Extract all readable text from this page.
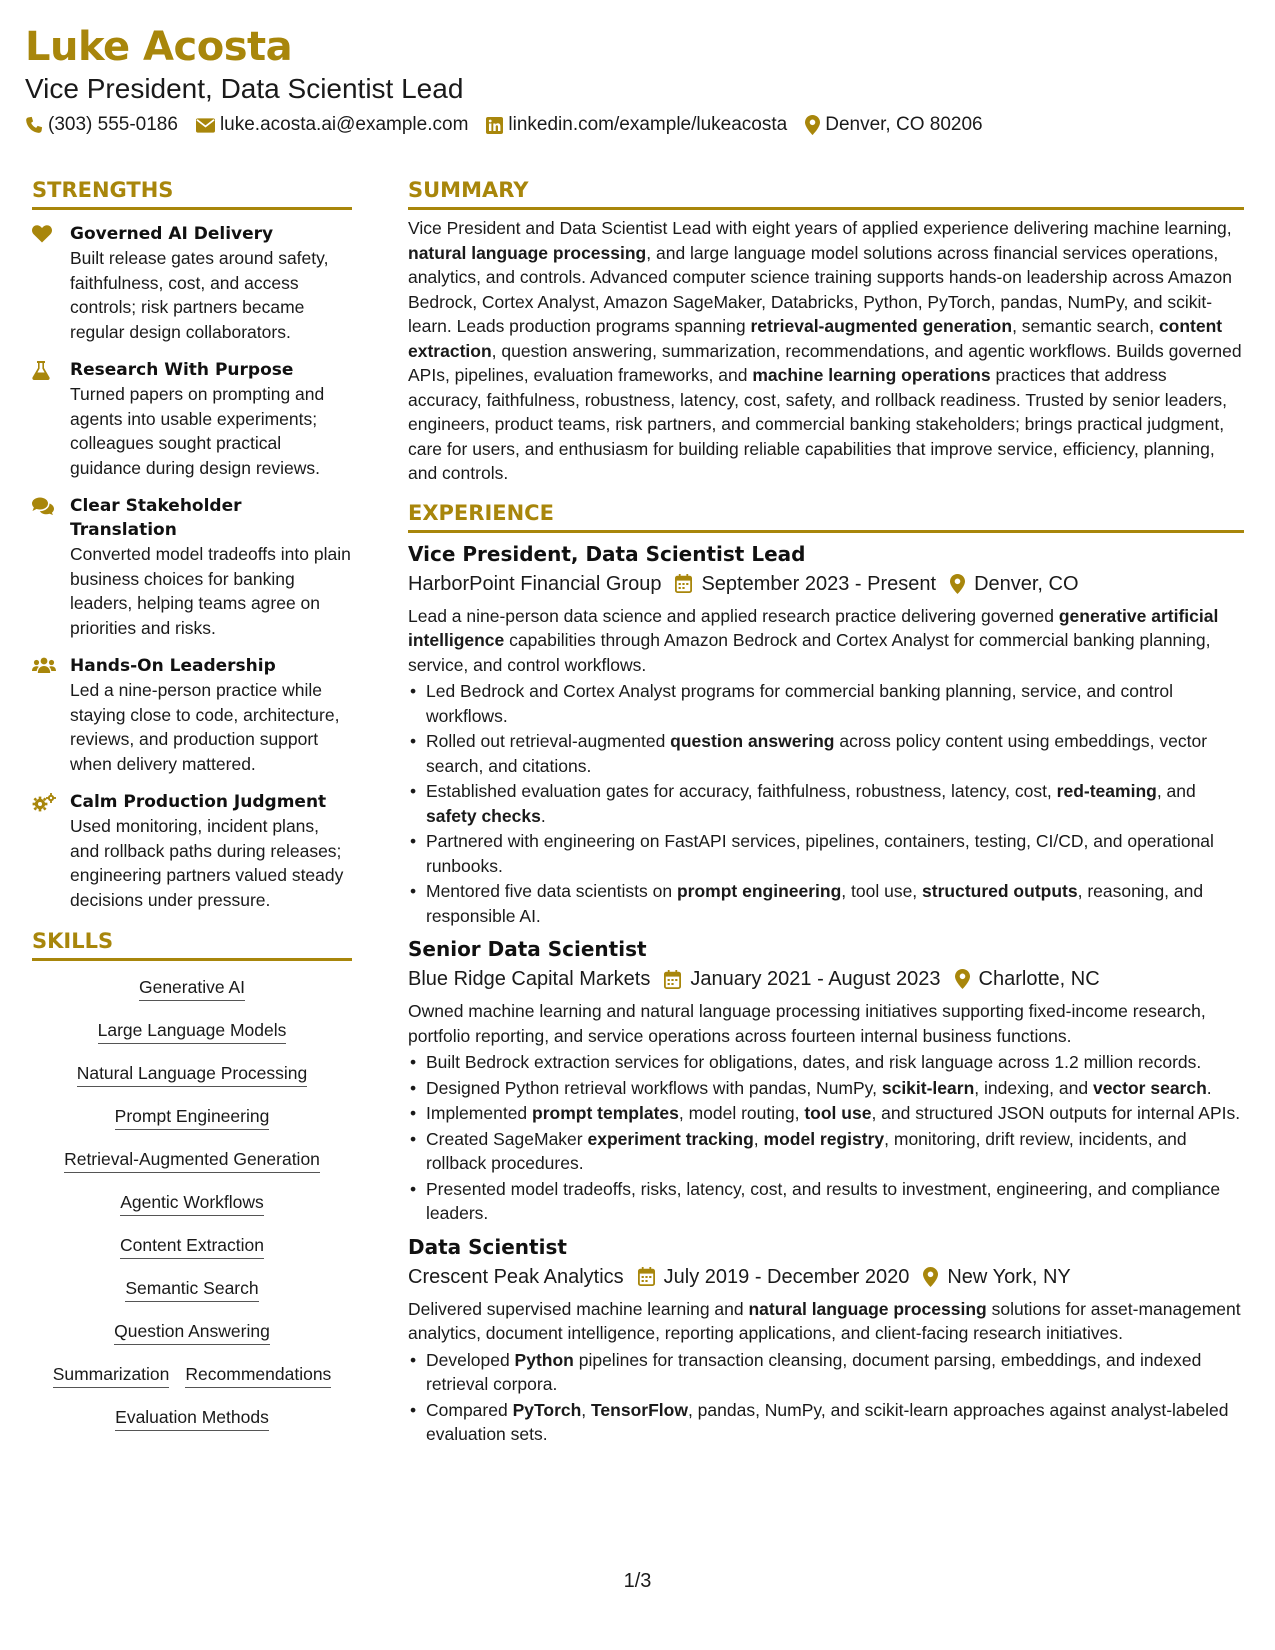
Luke Acosta
Vice President, Data Scientist Lead
(303) 555-0186 luke.acosta.ai@example.com linkedin.com/example/lukeacosta Denver, CO 80206
STRENGTHS
Governed AI Delivery
Built release gates around safety, faithfulness, cost, and access controls; risk partners became regular design collaborators.
Research With Purpose
Turned papers on prompting and agents into usable experiments; colleagues sought practical guidance during design reviews.
Clear Stakeholder Translation
Converted model tradeoffs into plain business choices for banking leaders, helping teams agree on priorities and risks.
Hands-On Leadership
Led a nine-person practice while staying close to code, architecture, reviews, and production support when delivery mattered.
Calm Production Judgment
Used monitoring, incident plans, and rollback paths during releases; engineering partners valued steady decisions under pressure.
SKILLS
Generative AI
Large Language Models
Natural Language Processing
Prompt Engineering
Retrieval-Augmented Generation
Agentic Workflows
Content Extraction
Semantic Search
Question Answering
Summarization Recommendations
Evaluation Methods
SUMMARY
Vice President and Data Scientist Lead with eight years of applied experience delivering machine learning, natural language processing, and large language model solutions across financial services operations, analytics, and controls. Advanced computer science training supports hands-on leadership across Amazon Bedrock, Cortex Analyst, Amazon SageMaker, Databricks, Python, PyTorch, pandas, NumPy, and scikit-learn. Leads production programs spanning retrieval-augmented generation, semantic search, content extraction, question answering, summarization, recommendations, and agentic workflows. Builds governed APIs, pipelines, evaluation frameworks, and machine learning operations practices that address accuracy, faithfulness, robustness, latency, cost, safety, and rollback readiness. Trusted by senior leaders, engineers, product teams, risk partners, and commercial banking stakeholders; brings practical judgment, care for users, and enthusiasm for building reliable capabilities that improve service, efficiency, planning, and controls.
EXPERIENCE
Vice President, Data Scientist Lead
HarborPoint Financial Group September 2023 - Present Denver, CO
Lead a nine-person data science and applied research practice delivering governed generative artificial intelligence capabilities through Amazon Bedrock and Cortex Analyst for commercial banking planning, service, and control workflows.
• Led Bedrock and Cortex Analyst programs for commercial banking planning, service, and control workflows.
• Rolled out retrieval-augmented question answering across policy content using embeddings, vector search, and citations.
• Established evaluation gates for accuracy, faithfulness, robustness, latency, cost, red-teaming, and safety checks.
• Partnered with engineering on FastAPI services, pipelines, containers, testing, CI/CD, and operational runbooks.
• Mentored five data scientists on prompt engineering, tool use, structured outputs, reasoning, and responsible AI.
Senior Data Scientist
Blue Ridge Capital Markets January 2021 - August 2023 Charlotte, NC
Owned machine learning and natural language processing initiatives supporting fixed-income research, portfolio reporting, and service operations across fourteen internal business functions.
• Built Bedrock extraction services for obligations, dates, and risk language across 1.2 million records.
• Designed Python retrieval workflows with pandas, NumPy, scikit-learn, indexing, and vector search.
• Implemented prompt templates, model routing, tool use, and structured JSON outputs for internal APIs.
• Created SageMaker experiment tracking, model registry, monitoring, drift review, incidents, and rollback procedures.
• Presented model tradeoffs, risks, latency, cost, and results to investment, engineering, and compliance leaders.
Data Scientist
Crescent Peak Analytics July 2019 - December 2020 New York, NY
Delivered supervised machine learning and natural language processing solutions for asset-management analytics, document intelligence, reporting applications, and client-facing research initiatives.
• Developed Python pipelines for transaction cleansing, document parsing, embeddings, and indexed retrieval corpora.
• Compared PyTorch, TensorFlow, pandas, NumPy, and scikit-learn approaches against analyst-labeled evaluation sets.
1/3
